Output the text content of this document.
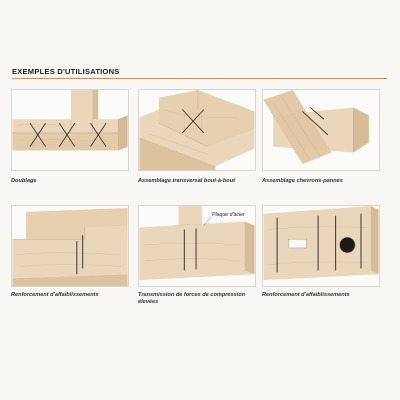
EXEMPLES D'UTILISATIONS
Doublage	Assemblage transversal bout-à-bout	Assemblage chevrons-pannes
Renforcement d'affaiblissements
Plaque d'acier
Transmission de forces de compression élevées
Renforcement d'affaiblissements
